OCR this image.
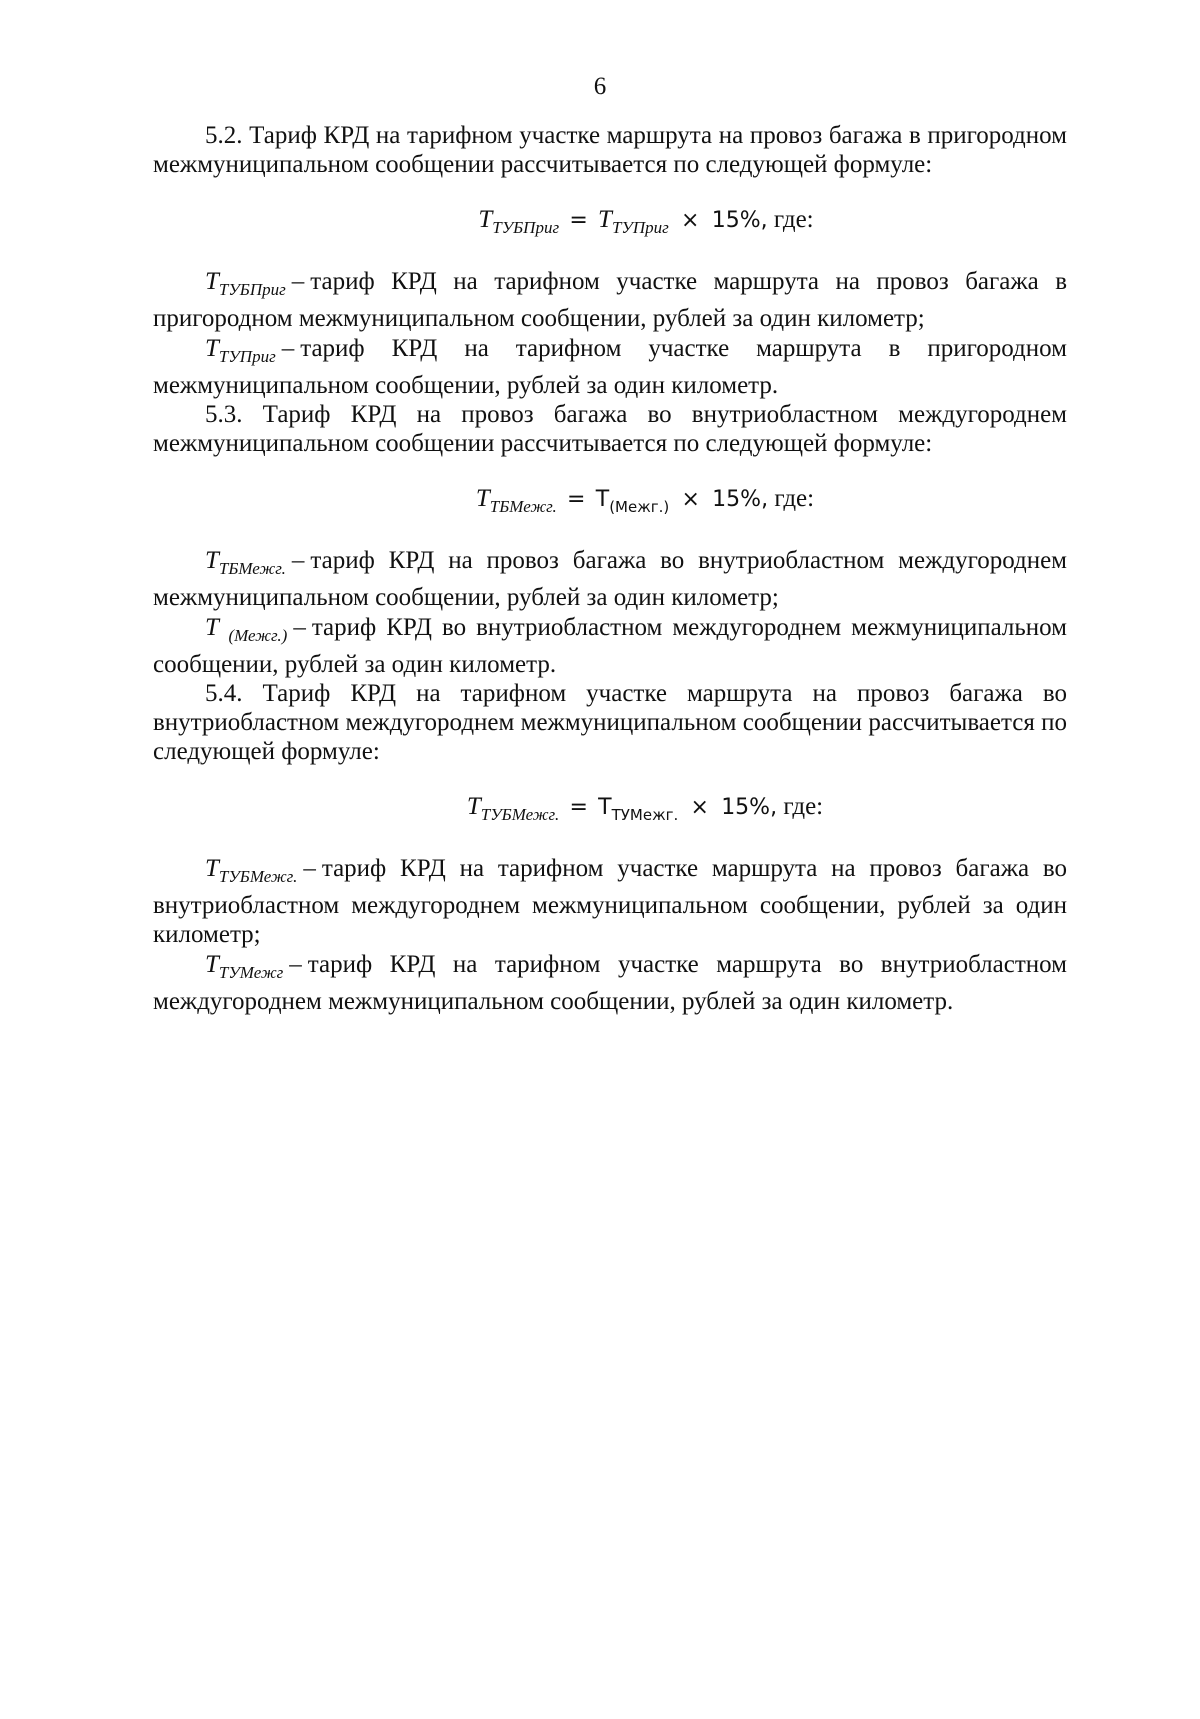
6

5.2. Тариф КРД на тарифном участке маршрута на провоз багажа в пригородном межмуниципальном сообщении рассчитывается по следующей формуле:

$T_{ТУБПриг} = T_{ТУПриг} \times 15\%$, где:

$T_{ТУБПриг}$ – тариф КРД на тарифном участке маршрута на провоз багажа в пригородном межмуниципальном сообщении, рублей за один километр;

$T_{ТУПриг}$ – тариф КРД на тарифном участке маршрута в пригородном межмуниципальном сообщении, рублей за один километр.

5.3. Тариф КРД на провоз багажа во внутриобластном междугороднем межмуниципальном сообщении рассчитывается по следующей формуле:

$T_{ТБМежг.} = T_{(Межг.)} \times 15\%$, где:

$T_{ТБМежг.}$ – тариф КРД на провоз багажа во внутриобластном междугороднем межмуниципальном сообщении, рублей за один километр;

T $_{(Межг.)}$ – тариф КРД во внутриобластном междугороднем межмуниципальном сообщении, рублей за один километр.

5.4. Тариф КРД на тарифном участке маршрута на провоз багажа во внутриобластном междугороднем межмуниципальном сообщении рассчитывается по следующей формуле:

$T_{ТУБМежг.} = T_{ТУМежг.} \times 15\%$, где:

$T_{ТУБМежг.}$ – тариф КРД на тарифном участке маршрута на провоз багажа во внутриобластном междугороднем межмуниципальном сообщении, рублей за один километр;

$T_{ТУМежг}$ – тариф КРД на тарифном участке маршрута во внутриобластном междугороднем межмуниципальном сообщении, рублей за один километр.
